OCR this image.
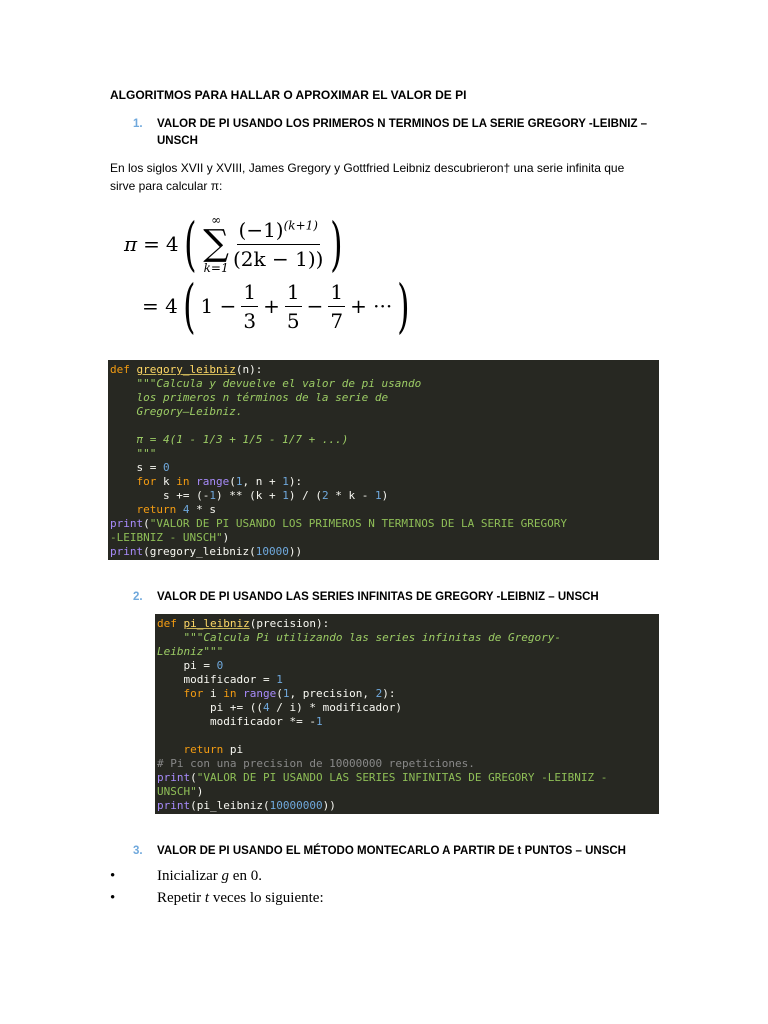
ALGORITMOS PARA HALLAR O APROXIMAR EL VALOR DE PI
1. VALOR DE PI USANDO LOS PRIMEROS N TERMINOS DE LA SERIE GREGORY -LEIBNIZ –
UNSCH
En los siglos XVII y XVIII, James Gregory y Gottfried Leibniz descubrieron† una serie infinita que
sirve para calcular π:
π = 4 ( ∞
∑
$k=1 \frac{(-1)^{(k+1)}}{(2k - 1))}$ )
= 4 ( $1 - \frac{1}{3} + \frac{1}{5} - \frac{1}{7}$ + ··· )
def gregory_leibniz(n):
"""Calcula y devuelve el valor de pi usando
los primeros n términos de la serie de
Gregory–Leibniz.
π = 4(1 - 1/3 + 1/5 - 1/7 + ...)
"""
s = 0
for k in range(1, n + 1):
s += (-1) ** (k + 1) / (2 * k - 1)
return 4 * s
print("VALOR DE PI USANDO LOS PRIMEROS N TERMINOS DE LA SERIE GREGORY
-LEIBNIZ - UNSCH")
print(gregory_leibniz(10000))
2. VALOR DE PI USANDO LAS SERIES INFINITAS DE GREGORY -LEIBNIZ – UNSCH
def pi_leibniz(precision):
"""Calcula Pi utilizando las series infinitas de Gregory-
Leibniz"""
pi = 0
modificador = 1
for i in range(1, precision, 2):
pi += ((4 / i) * modificador)
modificador *= -1

return pi
# Pi con una precision de 10000000 repeticiones.
print("VALOR DE PI USANDO LAS SERIES INFINITAS DE GREGORY -LEIBNIZ -
UNSCH")
print(pi_leibniz(10000000))
3. VALOR DE PI USANDO EL MÉTODO MONTECARLO A PARTIR DE t PUNTOS – UNSCH
•	Inicializar g en 0.
•	Repetir t veces lo siguiente:
